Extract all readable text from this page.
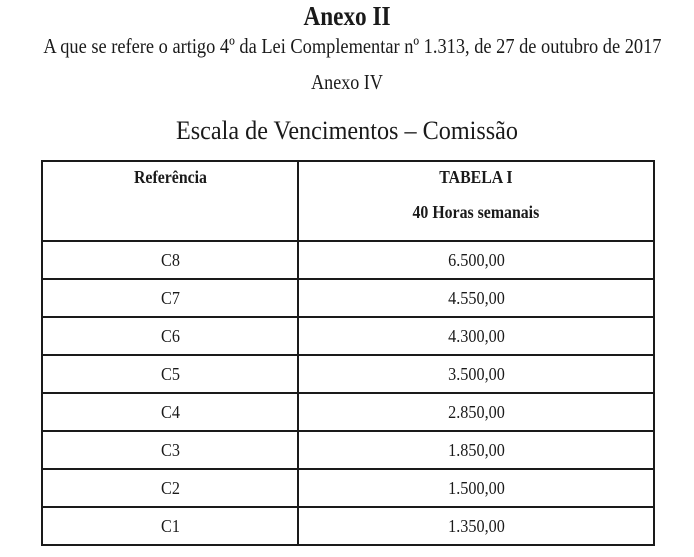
Anexo II
A que se refere o artigo 4º da Lei Complementar nº 1.313, de 27 de outubro de 2017
Anexo IV
Escala de Vencimentos – Comissão
Referência	TABELA I
40 Horas semanais

C8	6.500,00
C7	4.550,00
C6	4.300,00
C5	3.500,00
C4	2.850,00
C3	1.850,00
C2	1.500,00
C1	1.350,00
